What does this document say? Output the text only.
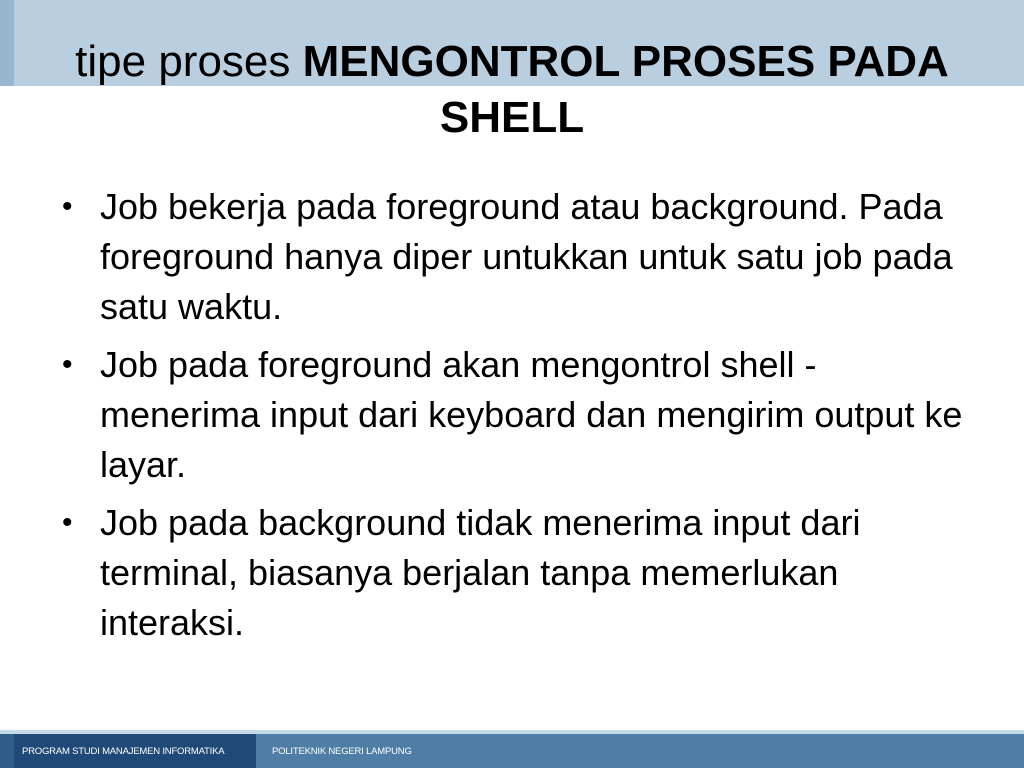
tipe proses MENGONTROL PROSES PADA SHELL
• Job bekerja pada foreground atau background. Pada foreground hanya diper untukkan untuk satu job pada satu waktu.
• Job pada foreground akan mengontrol shell - menerima input dari keyboard dan mengirim output ke layar.
• Job pada background tidak menerima input dari terminal, biasanya berjalan tanpa memerlukan interaksi.
PROGRAM STUDI MANAJEMEN INFORMATIKA	POLITEKNIK NEGERI LAMPUNG
